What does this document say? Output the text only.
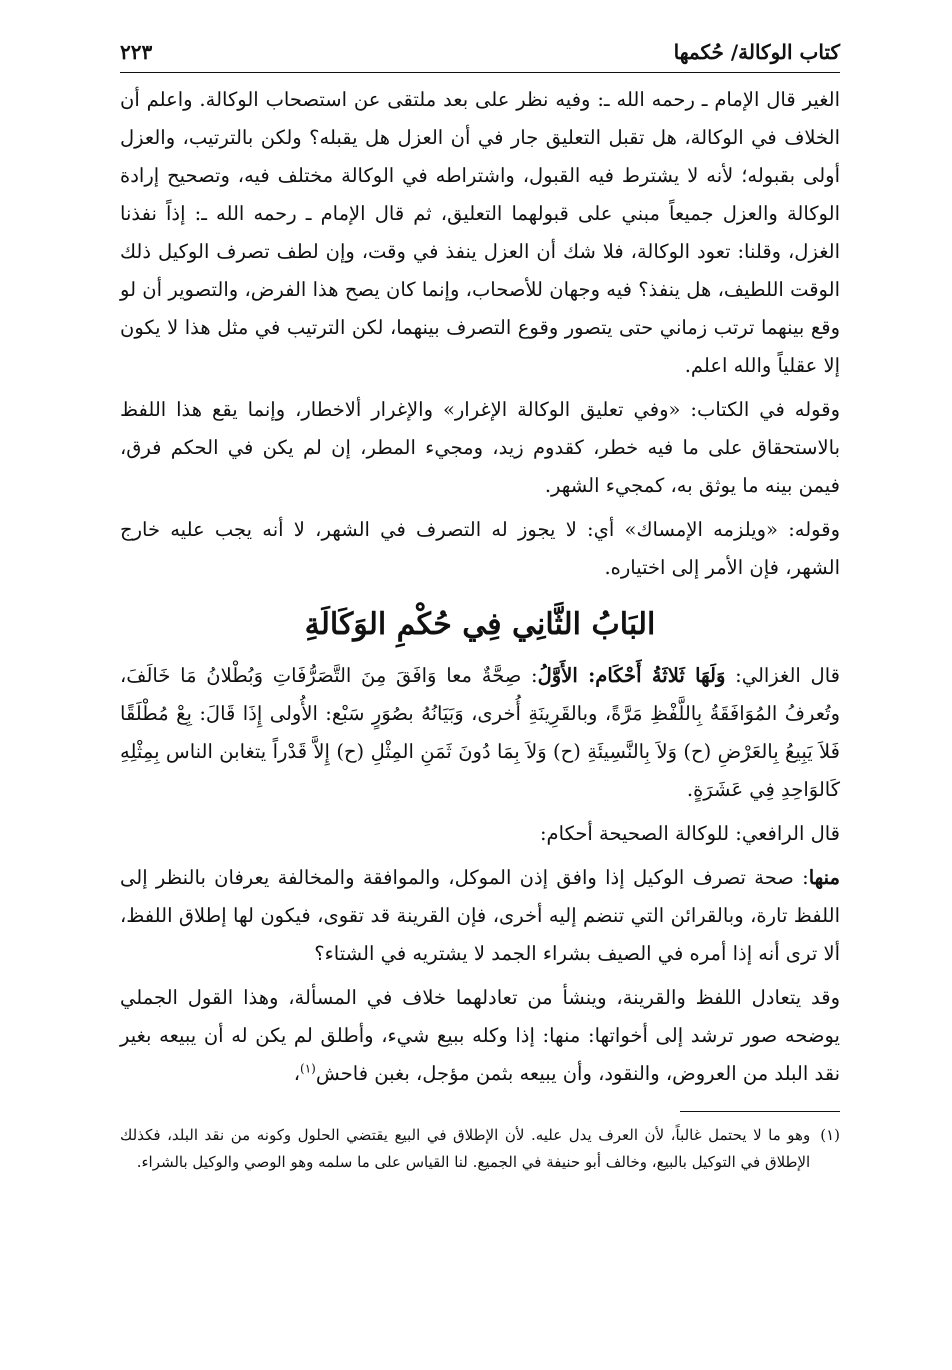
كتاب الوكالة/ حُكمها
٢٢٣

الغير قال الإمام ـ رحمه الله ـ: وفيه نظر على بعد ملتقى عن استصحاب الوكالة. واعلم أن الخلاف في الوكالة، هل تقبل التعليق جار في أن العزل هل يقبله؟ ولكن بالترتيب، والعزل أولى بقبوله؛ لأنه لا يشترط فيه القبول، واشتراطه في الوكالة مختلف فيه، وتصحيح إرادة الوكالة والعزل جميعاً مبني على قبولهما التعليق، ثم قال الإمام ـ رحمه الله ـ: إذاً نفذنا الغزل، وقلنا: تعود الوكالة، فلا شك أن العزل ينفذ في وقت، وإن لطف تصرف الوكيل ذلك الوقت اللطيف، هل ينفذ؟ فيه وجهان للأصحاب، وإنما كان يصح هذا الفرض، والتصوير أن لو وقع بينهما ترتب زماني حتى يتصور وقوع التصرف بينهما، لكن الترتيب في مثل هذا لا يكون إلا عقلياً والله اعلم.

وقوله في الكتاب: «وفي تعليق الوكالة الإغرار» والإغرار ألاخطار، وإنما يقع هذا اللفظ بالاستحقاق على ما فيه خطر، كقدوم زيد، ومجيء المطر، إن لم يكن في الحكم فرق، فيمن بينه ما يوثق به، كمجيء الشهر.

وقوله: «ويلزمه الإمساك» أي: لا يجوز له التصرف في الشهر، لا أنه يجب عليه خارج الشهر، فإن الأمر إلى اختياره.

البَابُ الثَّانِي فِي حُكْمِ الوَكَالَةِ

قال الغزالي: وَلَهَا ثَلاثَةُ أَحْكَام: الأَوَّلُ: صِحَّةٌ معا وَافَقَ مِنَ التَّصَرُّفَاتِ وَبُطْلانُ مَا خَالَفَ، وتُعرفُ المُوَافَقَةُ بِاللَّفْظِ مَرَّةً، وبالقَرِينَةِ أُخرى، وَبَيَانُهُ بصُوَرٍ سَبْع: الأُولى إِذَا قَالَ: بِعْ مُطْلَقًا فَلاَ يَبِيعُ بِالعَرْضِ (ح) وَلاَ بِالنَّسِيئَةِ (ح) وَلاَ بِمَا دُونَ ثَمَنِ المِثْلِ (ح) إِلاَّ قَدْراً يتغابن الناس بِمِثْلِهِ كَالوَاحِدِ فِي عَشَرَةٍ.

قال الرافعي: للوكالة الصحيحة أحكام:

منها: صحة تصرف الوكيل إذا وافق إذن الموكل، والموافقة والمخالفة يعرفان بالنظر إلى اللفظ تارة، وبالقرائن التي تنضم إليه أخرى، فإن القرينة قد تقوى، فيكون لها إطلاق اللفظ، ألا ترى أنه إذا أمره في الصيف بشراء الجمد لا يشتريه في الشتاء؟

وقد يتعادل اللفظ والقرينة، وينشأ من تعادلهما خلاف في المسألة، وهذا القول الجملي يوضحه صور ترشد إلى أخواتها: منها: إذا وكله ببيع شيء، وأطلق لم يكن له أن يبيعه بغير نقد البلد من العروض، والنقود، وأن يبيعه بثمن مؤجل، بغبن فاحش$^{(١)}$،

(١)
وهو ما لا يحتمل غالباً، لأن العرف يدل عليه. لأن الإطلاق في البيع يقتضي الحلول وكونه من نقد البلد، فكذلك الإطلاق في التوكيل بالبيع، وخالف أبو حنيفة في الجميع. لنا القياس على ما سلمه وهو الوصي والوكيل بالشراء.
